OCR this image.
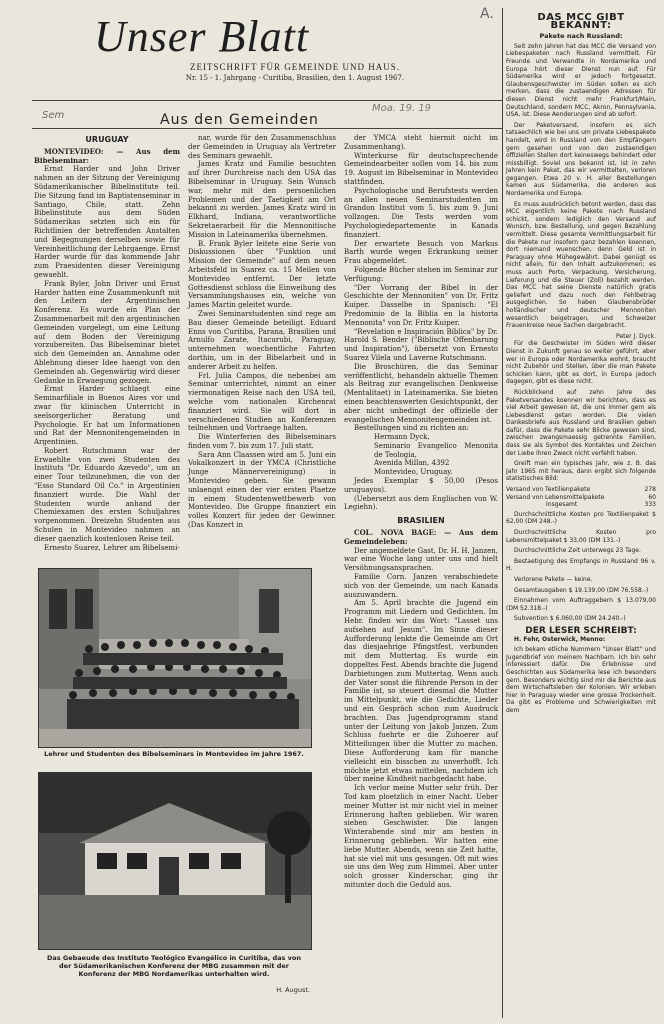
Unser Blatt
ZEITSCHRIFT FÜR GEMEINDE UND HAUS.
Nr. 15 - 1. Jahrgang - Curitiba, Brasilien, den 1. August 1967.
Sem
Moa. 19. 19
A.
Aus den Gemeinden
URUGUAY

MONTEVIDEO: — Aus dem Bibelseminar:

Ernst Harder und John Driver nahmen an der Sitzung der Vereinigung Südamerikanischer Bibelinstitute teil. Die Sitzung fand im Baptistenseminar in Santiago, Chile, statt. Zehn Bibelinstitute aus dem Süden Südamerikas setzten sich ein für Richtlinien der betreffenden Anstalten und Begegnungen derselben sowie für Vereinheitlichung der Lehrgaenge. Ernst Harder wurde für das kommende Jahr zum Praesidenten dieser Vereinigung gewaehlt.

Frank Byler, John Driver und Ernst Harder hatten eine Zusammenkunft mit den Leitern der Argentinischen Konferenz. Es wurde ein Plan der Zusammenarbeit mit den argentinischen Gemeinden vorgelegt, um eine Leitung auf dem Boden der Vereinigung vorzubereiten. Das Bibelseminar bietet sich den Gemeinden an. Annahme oder Ablehnung dieser Idee haengt von den Gemeinden ab. Gegenwärtig wird dieser Gedanke in Erwaegung gezogen.

Ernst Harder schlaegt eine Seminarfiliale in Buenos Aires vor und zwar für klinischen Unterricht in seelsorgerlicher Beratung und Psychologie. Er hat um Informationen und Rat der Mennonitengemeinden in Argentinien.

Robert Rutschmann war der Erwaehlte von zwei Studenten des Instituts "Dr. Eduardo Azevedo", um an einer Tour teilzunehmen, die von der "Esso Standard Oil Co." in Argentinien finanziert wurde. Die Wahl der Studenten wurde anhand der Chemiexamen des ersten Schuljahres vorgenommen. Dreizehn Studenten aus Schulen in Montevideo nahmen an dieser gaenzlich kostenlosen Reise teil.

Ernesto Suarez, Lehrer am Bibelsemi-

nar, wurde für den Zusammenschluss der Gemeinden in Uruguay als Vertreter des Seminars gewaehlt.

James Kratz und Familie besuchten auf ihrer Durchreise nach den USA das Bibelseminar in Uruguay. Sein Wunsch war, mehr mit den persoenlichen Problemen und der Taetigkeit am Ort bekannt zu werden. James Kratz wird in Elkhard, Indiana, verantwortliche Sekretaerarbeit für die Mennonitische Mission in Lateinamerika übernehmen.

B. Frank Byler leitete eine Serie von Diskussionen über "Funktion und Mission der Gemeinde" auf dem neuen Arbeitsfeld in Suarez ca. 15 Meilen von Montevideo entfernt. Der letzte Gottesdienst schloss die Einweihung des Versammlungshauses ein, welche von James Martin geleitet wurde.

Zwei Seminarstudenten sind rege am Bau dieser Gemeinde beteiligt. Eduard Enns von Curitiba, Parana, Brasilien und Arnulfo Zarate, Itacurubi, Paraguay, unternehmen woechentliche Fahrten dorthin, um in der Bibelarbeit und in anderer Arbeit zu helfen.

Frl. Julia Campos, die nebenbei am Seminar unterrichtet, nimmt an einer viermonatigen Reise nach den USA teil, welche vom nationalen Kirchenrat finanziert wird. Sie will dort in verschiedenen Studien an Konferenzen teilnehmen und Vortraege halten.

Die Winterferien des Bibelseminars finden vom 7. bis zum 17. Juli statt.

Sara Ann Claassen wird am 5. Juni ein Vokalkonzert in der YMCA (Christliche Junge Männervereinigung) in Montevideo geben. Sie gewann unlaengst einen der vier ersten Plaetze in einem Studentenwettbewerb von Montevideo. Die Gruppe finanziert ein volles Konzert für jeden der Gewinner. (Das Konzert in

der YMCA steht hiermit nicht im Zusammenhang).

Winterkurse für deutschsprechende Gemeindearbeiter sollen vom 14. bis zum 19. August im Bibelseminar in Montevideo stattfinden.

Psychologische und Berufstests werden an allen neuen Seminarstudenten im Grandon Institut vom 5. bis zum 9. Juni vollzogen. Die Tests werden vom Psychologiedepartemente in Kanada finanziert.

Der erwartete Besuch von Markus Barth wurde wegen Erkrankung seiner Frau abgemeldet.

Folgende Bücher stehen im Seminar zur Verfügung:

"Der Vorrang der Bibel in der Geschichte der Mennoniten" von Dr. Fritz Kuiper. Dasselbe in Spanisch: "El Predominio de la Biblia en la historia Mennonita" von Dr. Fritz Kuiper.

"Revelation e Inspiración Bíblica" by Dr. Harold S. Bender ("Biblische Offenbarung und Inspiration"), übersetzt von Ernesto Suarez Vilela und Laverne Rutschmann.

Die Broschüren, die das Seminar veröffentlicht, behandeln aktuelle Themen als Beitrag zur evangelischen Denkweise (Mentalitaet) in Lateinamerika. Sie bieten einen beachtenswerten Gesichtspunkt, der aber nicht unbedingt der offizielle der evangelischen Mennonitengemeinden ist.

Bestellungen sind zu richten an:

Hermann Dyck,
Seminario Evangelico Menonita de Teologia,
Avenida Millan, 4392
Montevideo, Uruguay.

Jedes Exemplar $ 50,00 (Pesos uruguayos).

(Uebersetzt aus dem Englischen von W. Legiehn).

BRASILIEN

COL. NOVA BAGE: — Aus dem Gemeindeleben:

Der angemeldete Gast, Dr. H. H. Janzen, war eine Woche lang unter uns und hielt Versöhnungsansprachen.

Familie Corn. Janzen verabschiedete sich von der Gemeinde, um nach Kanada auszuwandern.

Am 5. April brachte die Jugend ein Programm mit Liedern und Gedichten. Im Hebr. finden wir das Wort: "Lasset uns aufsehen auf Jesum". Im Sinne dieser Aufforderung lenkte die Gemeinde am Ort das diesjaehrige Pfingstfest, verbunden mit dem Muttertag. Es wurde ein doppeltes Fest. Abends brachte die Jugend Darbietungen zum Muttertag. Wenn auch der Vater sonst die führende Person in der Familie ist, so steuert diesmal die Mutter im Mittelpunkt, wie die Gedichte, Lieder und ein Gespräch schon zum Ausdruck brachten. Das Jugendprogramm stand unter der Leitung von Jakob Janzen. Zum Schluss fuehrte er die Zuhoerer auf Mitteilungen über die Mutter zu machen. Diese Aufforderung kam für manche vielleicht ein bisschen zu unverhofft. Ich möchte jetzt etwas mitteilen, nachdem ich über meine Kindheit nachgedacht habe.

Ich verlor meine Mutter sehr früh. Der Tod kam ploetzlich in einer Nacht. Ueber meiner Mutter ist mir nicht viel in meiner Erinnerung haften geblieben. Wir waren sieben Geschwister. Die langen Winterabende sind mir am besten in Erinnerung geblieben. Wir hatten eine liebe Mutter. Abends, wenn sie Zeit hatte, hat sie viel mit uns gesungen. Oft mit wies sie uns den Weg zum Himmel. Aber unter solch grosser Kinderschar, ging ihr mitunter doch die Geduld aus.

Lehrer und Studenten des Bibelseminars in Montevideo im Jahre 1967.
Das Gebaeude des Instituto Teológico Evangélico in Curitiba, das von der Südamerikanischen Konferenz der MBG zusammen mit der Konferenz der MBG Nordamerikas unterhalten wird.
H. August.
DAS MCC GIBT BEKANNT:
Pakete nach Russland:

Seit zehn Jahren hat das MCC die Versand von Liebespaketen nach Russland vermittelt. Für Freunde und Verwandte in Nordamerika und Europa hört dieser Dienst nun auf. Für Südamerika wird er jedoch fortgesetzt. Glaubensgeschwister im Süden sollen es sich merken, dass die zustaendigen Adressen für diesen Dienst nicht mehr Frankfurt/Main, Deutschland, sondern MCC, Akron, Pennsylvania, USA, ist. Diese Aenderungen sind ab sofort.

Der Paketversand, insofern es sich tatsaechlich wie bei uns um private Liebespakete handelt, wird in Russland von den Empfängern gern gesehen und von den zustaendigen offiziellen Stellen dort keineswegs behindert oder missbilligt. Soviel uns bekannt ist, ist in zehn Jahren kein Paket, das wir vermittelten, verloren gegangen. Etwa 20 v. H. aller Bestellungen kamen aus Südamerika, die anderen aus Nordamerika und Europa.

Es muss ausdrücklich betont werden, dass das MCC eigentlich keine Pakete nach Russland schickt, sondern lediglich den Versand auf Wunsch, bzw. Bestellung, und gegen Bezahlung vermittelt. Diese gesamte Vermittlungsarbeit für die Pakete nur insofern ganz bezahlen koennen, dort niemand wuenschen, denn Geld ist in Paraguay ohne Mühegewährt. Dabei genügt es nicht allein, für den Inhalt aufzukommen; es muss auch Porto, Verpackung, Versicherung, Lieferung und die Steuer (Zoll) bezahlt werden. Das MCC hat seine Dienste natürlich gratis geliefert und dazu noch den Fehlbetrag ausgeglichen. So haben Glaubensbrüder holländischer und deutscher Mennoniten wesentlich beigetragen, und Schweizer Frauenkreise neue Sachen dargebracht.

Peter J. Dyck.

Für die Geschwister im Süden wird dieser Dienst in Zukunft genau so weiter geführt, aber wer in Europa oder Nordamerika wohnt, braucht nicht Zubehör und Stellen, über die man Pakete schicken kann, gibt es dort, in Europa jedoch dagegen, gibt es diese nicht.

Rückblickend auf zehn Jahre des Paketversandes koennen wir berichten, dass es viel Arbeit gewesen ist, die uns immer gern als Liebesdienst getan worden. Die vielen Dankesbriefe aus Russland und Brasilien geben dafür, dass die Pakete sehr Blicke gewesen sind, zwischen zwangsmaessig getrennte Familien, dass sie als Symbol des Kontaktes und Zeichen der Liebe ihren Zweck nicht verfehlt haben.

Greift man ein typisches Jahr, wie z. B. das Jahr 1965 mit heraus, dann ergibt sich folgende statistisches Bild:

Versand von Textilienpakete	278
Versand von Lebensmittelpakete	60
Insgesamt	333

Durchschnittliche Kosten pro Textilienpaket $ 62,00 (DM 248.-)

Durchschnittliche Kosten pro Lebensmittelpaket $ 33,00 (DM 131.-)

Durchschnittliche Zeit unterwegs 23 Tage.

Bestaetigung des Empfangs in Russland 96 v. H.

Verlorene Pakete — keine.

Gesamtausgaben $ 19.139,00 (DM 76.558.-)

Einnahmen vom Auftraggebern $ 13.079,00 (DM 52.318.-)

Subvention $ 6.060,00 (DM 24.240.-)

DER LESER SCHREIBT:

H. Fehr, Osterwick, Menno:

Ich bekam etliche Nummern "Unser Blatt" und Jugendbrief von meinem Nachbarn. Ich bin sehr interessiert dafür. Die Erlebnisse und Geschichten aus Südamerika lese ich besonders gern. Besonders wichtig sind mir die Berichte aus dem Wirtschaftsleben der Kolonien. Wir erleben hier in Paraguay wieder eine grosse Trockenheit. Da gibt es Probleme und Schwierigkeiten mit dem
